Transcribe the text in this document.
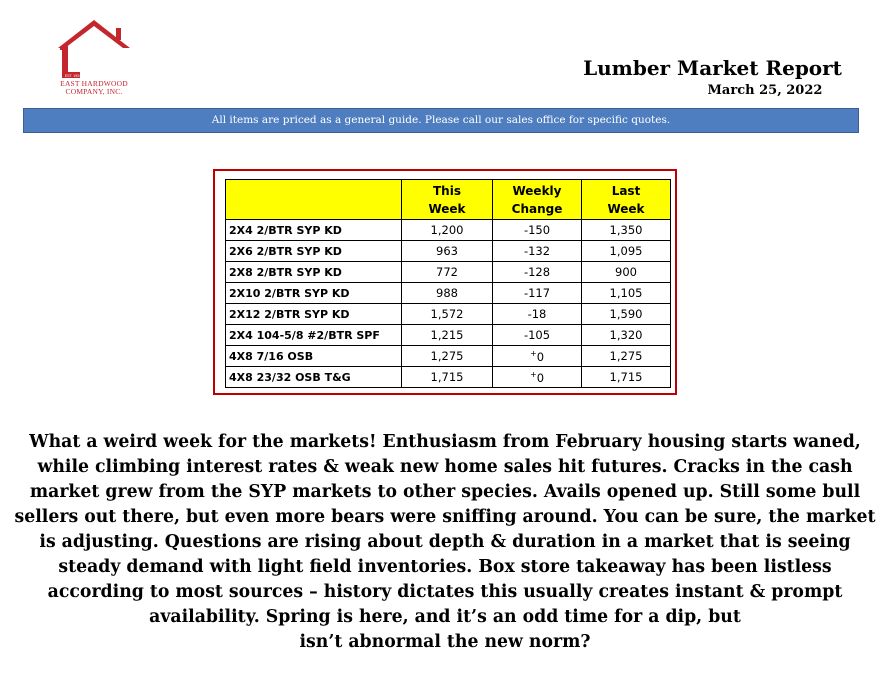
EST. 1924
EAST HARDWOOD
COMPANY, INC.
Lumber Market Report
March 25, 2022
All items are priced as a general guide. Please call our sales office for specific quotes.
	This
Week	Weekly
Change	Last
Week
2X4 2/BTR SYP KD	1,200	-150	1,350
2X6 2/BTR SYP KD	963	-132	1,095
2X8 2/BTR SYP KD	772	-128	900
2X10 2/BTR SYP KD	988	-117	1,105
2X12 2/BTR SYP KD	1,572	-18	1,590
2X4 104-5/8 #2/BTR SPF	1,215	-105	1,320
4X8 7/16 OSB	1,275	+0	1,275
4X8 23/32 OSB T&G	1,715	+0	1,715
What a weird week for the markets! Enthusiasm from February housing starts waned,
while climbing interest rates & weak new home sales hit futures. Cracks in the cash
market grew from the SYP markets to other species. Avails opened up. Still some bull
sellers out there, but even more bears were sniffing around. You can be sure, the market
is adjusting. Questions are rising about depth & duration in a market that is seeing
steady demand with light field inventories. Box store takeaway has been listless
according to most sources – history dictates this usually creates instant & prompt
availability. Spring is here, and it’s an odd time for a dip, but
isn’t abnormal the new norm?
